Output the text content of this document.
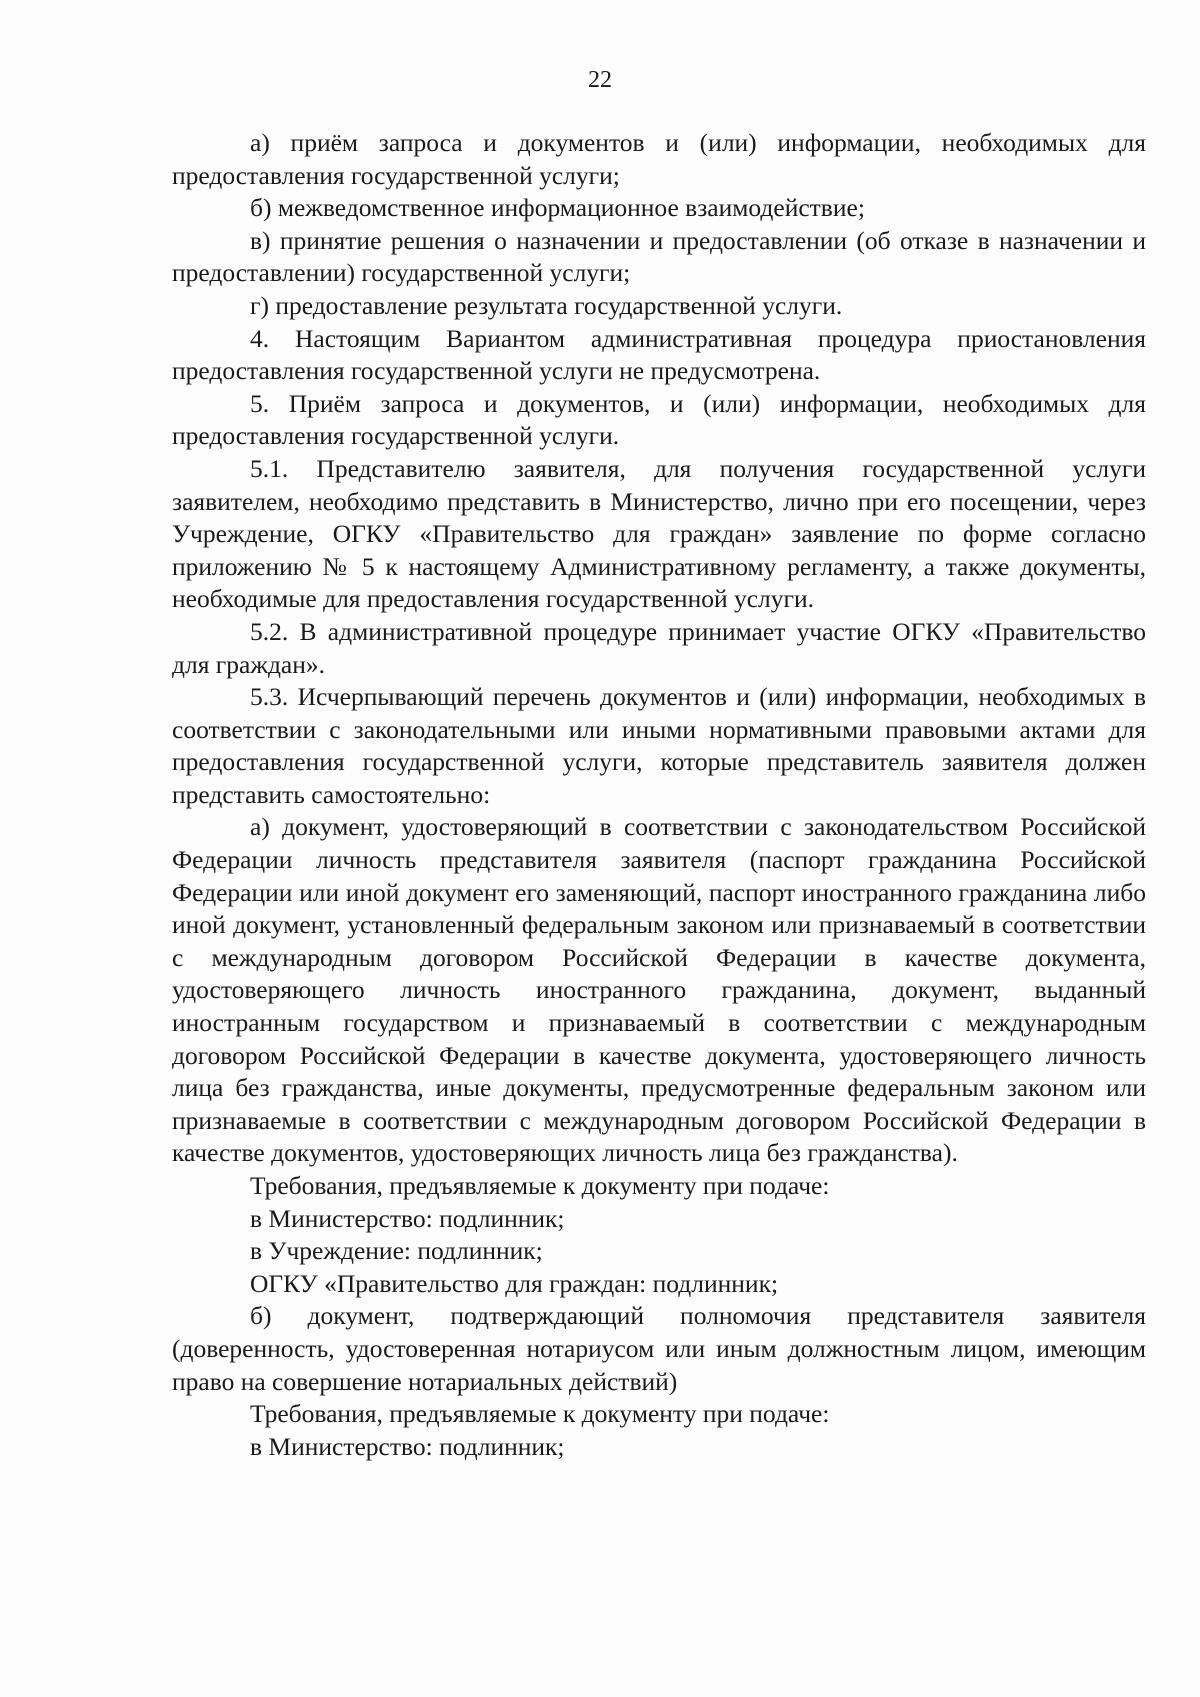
22

а) приём запроса и документов и (или) информации, необходимых для предоставления государственной услуги;

б) межведомственное информационное взаимодействие;

в) принятие решения о назначении и предоставлении (об отказе в назначении и предоставлении) государственной услуги;

г) предоставление результата государственной услуги.

4. Настоящим Вариантом административная процедура приостановления предоставления государственной услуги не предусмотрена.

5. Приём запроса и документов, и (или) информации, необходимых для предоставления государственной услуги.

5.1. Представителю заявителя, для получения государственной услуги заявителем, необходимо представить в Министерство, лично при его посещении, через Учреждение, ОГКУ «Правительство для граждан» заявление по форме согласно приложению № 5 к настоящему Административному регламенту, а также документы, необходимые для предоставления государственной услуги.

5.2. В административной процедуре принимает участие ОГКУ «Правительство для граждан».

5.3. Исчерпывающий перечень документов и (или) информации, необходимых в соответствии с законодательными или иными нормативными правовыми актами для предоставления государственной услуги, которые представитель заявителя должен представить самостоятельно:

а) документ, удостоверяющий в соответствии с законодательством Российской Федерации личность представителя заявителя (паспорт гражданина Российской Федерации или иной документ его заменяющий, паспорт иностранного гражданина либо иной документ, установленный федеральным законом или признаваемый в соответствии с международным договором Российской Федерации в качестве документа, удостоверяющего личность иностранного гражданина, документ, выданный иностранным государством и признаваемый в соответствии с международным договором Российской Федерации в качестве документа, удостоверяющего личность лица без гражданства, иные документы, предусмотренные федеральным законом или признаваемые в соответствии с международным договором Российской Федерации в качестве документов, удостоверяющих личность лица без гражданства).

Требования, предъявляемые к документу при подаче:

в Министерство: подлинник;

в Учреждение: подлинник;

ОГКУ «Правительство для граждан: подлинник;

б) документ, подтверждающий полномочия представителя заявителя (доверенность, удостоверенная нотариусом или иным должностным лицом, имеющим право на совершение нотариальных действий)

Требования, предъявляемые к документу при подаче:

в Министерство: подлинник;
